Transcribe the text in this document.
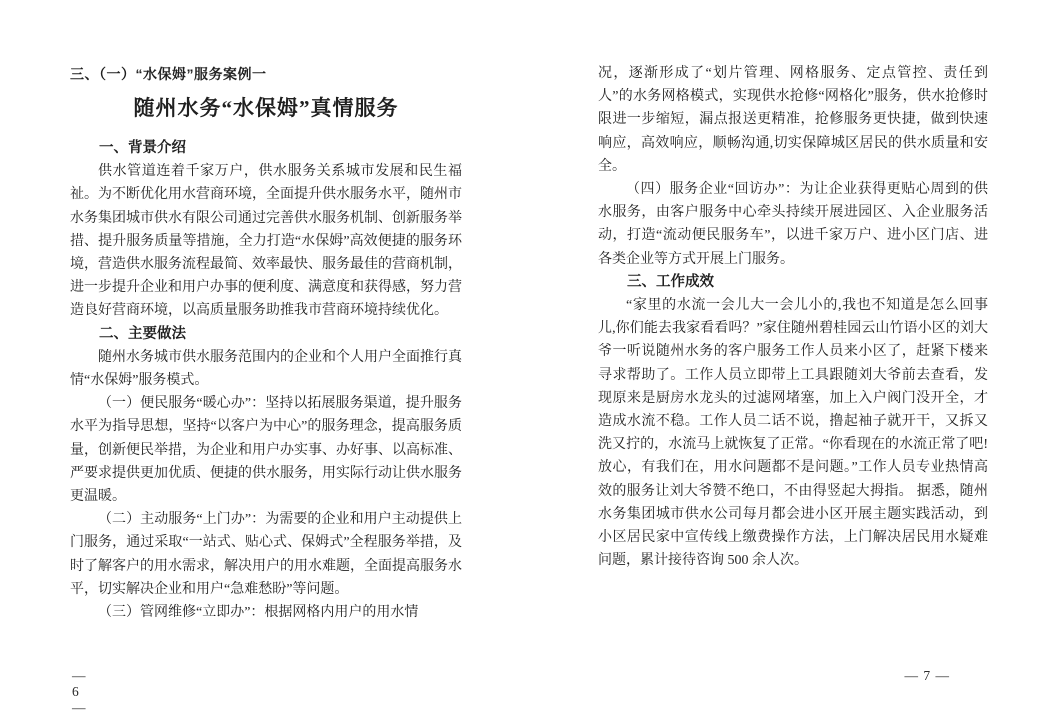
三、（一）“水保姆”服务案例一
随州水务“水保姆”真情服务
一、背景介绍
供水管道连着千家万户，供水服务关系城市发展和民生福祉。为不断优化用水营商环境，全面提升供水服务水平，随州市水务集团城市供水有限公司通过完善供水服务机制、创新服务举措、提升服务质量等措施，全力打造“水保姆”高效便捷的服务环境，营造供水服务流程最简、效率最快、服务最佳的营商机制，进一步提升企业和用户办事的便利度、满意度和获得感，努力营造良好营商环境，以高质量服务助推我市营商环境持续优化。
二、主要做法
随州水务城市供水服务范围内的企业和个人用户全面推行真情“水保姆”服务模式。
（一）便民服务“暖心办”：坚持以拓展服务渠道，提升服务水平为指导思想，坚持“以客户为中心”的服务理念，提高服务质量，创新便民举措，为企业和用户办实事、办好事、以高标准、严要求提供更加优质、便捷的供水服务，用实际行动让供水服务更温暖。
（二）主动服务“上门办”：为需要的企业和用户主动提供上门服务，通过采取“一站式、贴心式、保姆式”全程服务举措，及时了解客户的用水需求，解决用户的用水难题，全面提高服务水平，切实解决企业和用户“急难愁盼”等问题。
（三）管网维修“立即办”：根据网格内用户的用水情
— 6 —
况，逐渐形成了“划片管理、网格服务、定点管控、责任到人”的水务网格模式，实现供水抢修“网格化”服务，供水抢修时限进一步缩短，漏点报送更精准，抢修服务更快捷，做到快速响应，高效响应，顺畅沟通,切实保障城区居民的供水质量和安全。
（四）服务企业“回访办”：为让企业获得更贴心周到的供水服务，由客户服务中心牵头持续开展进园区、入企业服务活动，打造“流动便民服务车”，以进千家万户、进小区门店、进各类企业等方式开展上门服务。
三、工作成效
“家里的水流一会儿大一会儿小的,我也不知道是怎么回事儿,你们能去我家看看吗？”家住随州碧桂园云山竹语小区的刘大爷一听说随州水务的客户服务工作人员来小区了，赶紧下楼来寻求帮助了。工作人员立即带上工具跟随刘大爷前去查看，发现原来是厨房水龙头的过滤网堵塞，加上入户阀门没开全，才造成水流不稳。工作人员二话不说，撸起袖子就开干，又拆又洗又拧的，水流马上就恢复了正常。“你看现在的水流正常了吧!放心，有我们在，用水问题都不是问题。”工作人员专业热情高效的服务让刘大爷赞不绝口，不由得竖起大拇指。 据悉，随州水务集团城市供水公司每月都会进小区开展主题实践活动，到小区居民家中宣传线上缴费操作方法，上门解决居民用水疑难问题，累计接待咨询 500 余人次。
— 7 —
